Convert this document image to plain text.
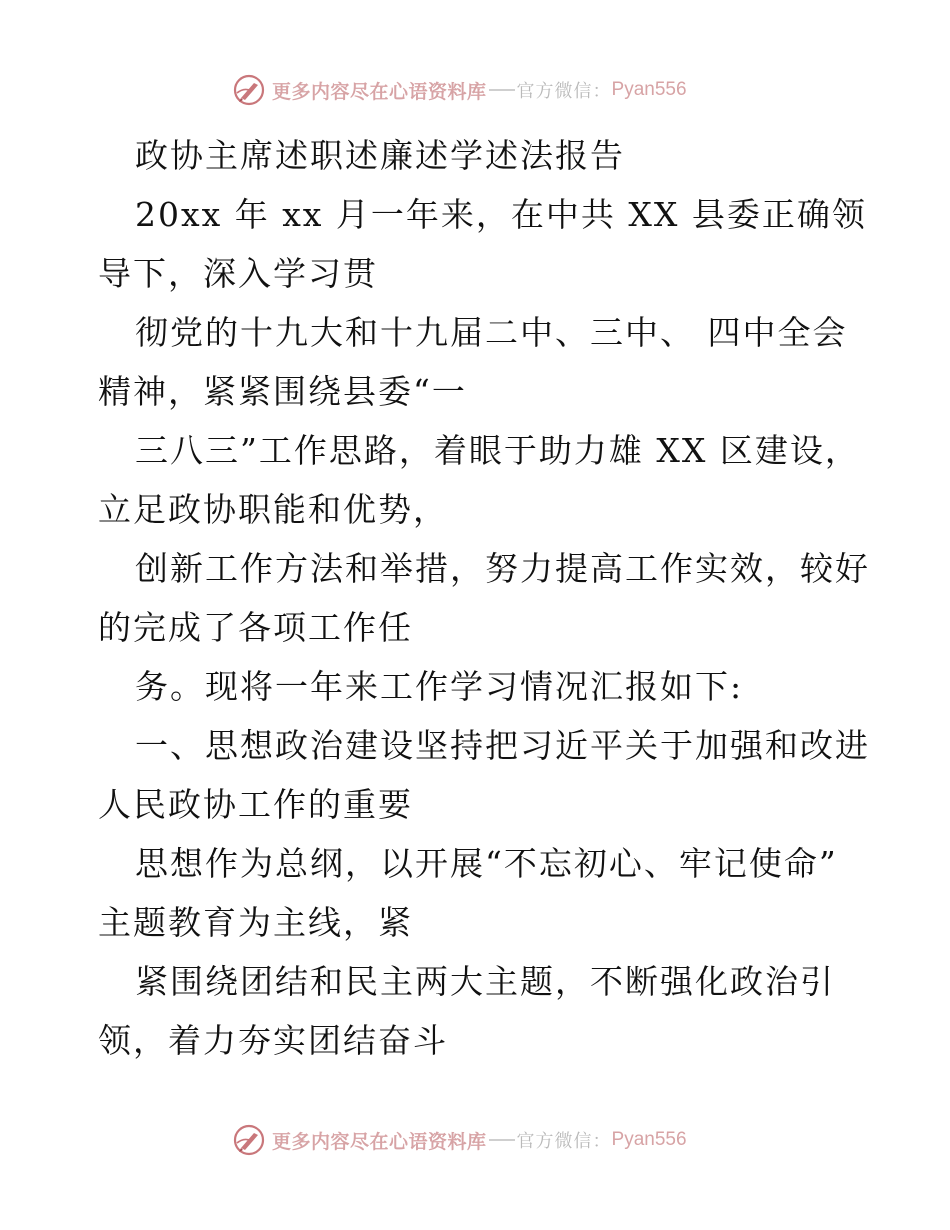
更多内容尽在心语资料库 官方微信： Pyan556
政协主席述职述廉述学述法报告
20xx 年 xx 月一年来，在中共 XX 县委正确领
导下，深入学习贯
彻党的十九大和十九届二中、三中、 四中全会
精神，紧紧围绕县委“一
三八三”工作思路，着眼于助力雄 XX 区建设，
立足政协职能和优势，
创新工作方法和举措，努力提高工作实效，较好
的完成了各项工作任
务。现将一年来工作学习情况汇报如下:
一、思想政治建设坚持把习近平关于加强和改进
人民政协工作的重要
思想作为总纲，以开展“不忘初心、牢记使命”
主题教育为主线，紧
紧围绕团结和民主两大主题，不断强化政治引
领，着力夯实团结奋斗
更多内容尽在心语资料库 官方微信： Pyan556
